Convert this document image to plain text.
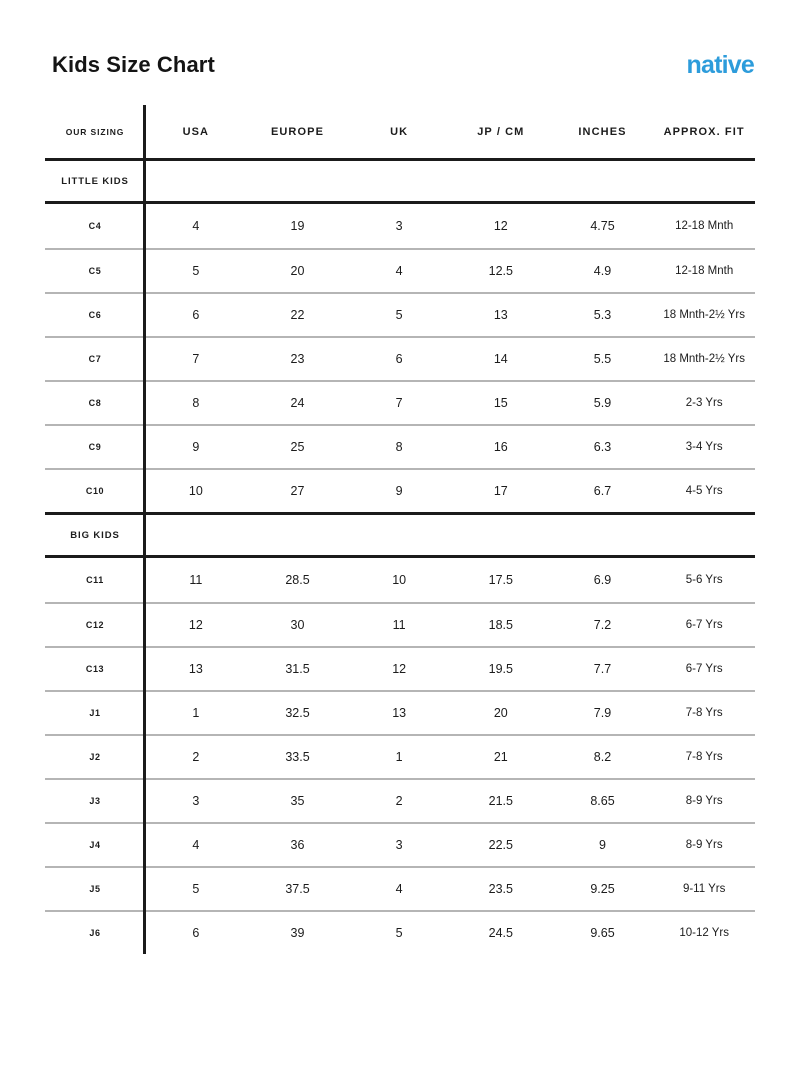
Kids Size Chart	native
OUR SIZING	USA	EUROPE	UK	JP / CM	INCHES	APPROX. FIT
LITTLE KIDS
C4	4	19	3	12	4.75	12-18 Mnth
C5	5	20	4	12.5	4.9	12-18 Mnth
C6	6	22	5	13	5.3	18 Mnth-2½ Yrs
C7	7	23	6	14	5.5	18 Mnth-2½ Yrs
C8	8	24	7	15	5.9	2-3 Yrs
C9	9	25	8	16	6.3	3-4 Yrs
C10	10	27	9	17	6.7	4-5 Yrs
BIG KIDS
C11	11	28.5	10	17.5	6.9	5-6 Yrs
C12	12	30	11	18.5	7.2	6-7 Yrs
C13	13	31.5	12	19.5	7.7	6-7 Yrs
J1	1	32.5	13	20	7.9	7-8 Yrs
J2	2	33.5	1	21	8.2	7-8 Yrs
J3	3	35	2	21.5	8.65	8-9 Yrs
J4	4	36	3	22.5	9	8-9 Yrs
J5	5	37.5	4	23.5	9.25	9-11 Yrs
J6	6	39	5	24.5	9.65	10-12 Yrs
